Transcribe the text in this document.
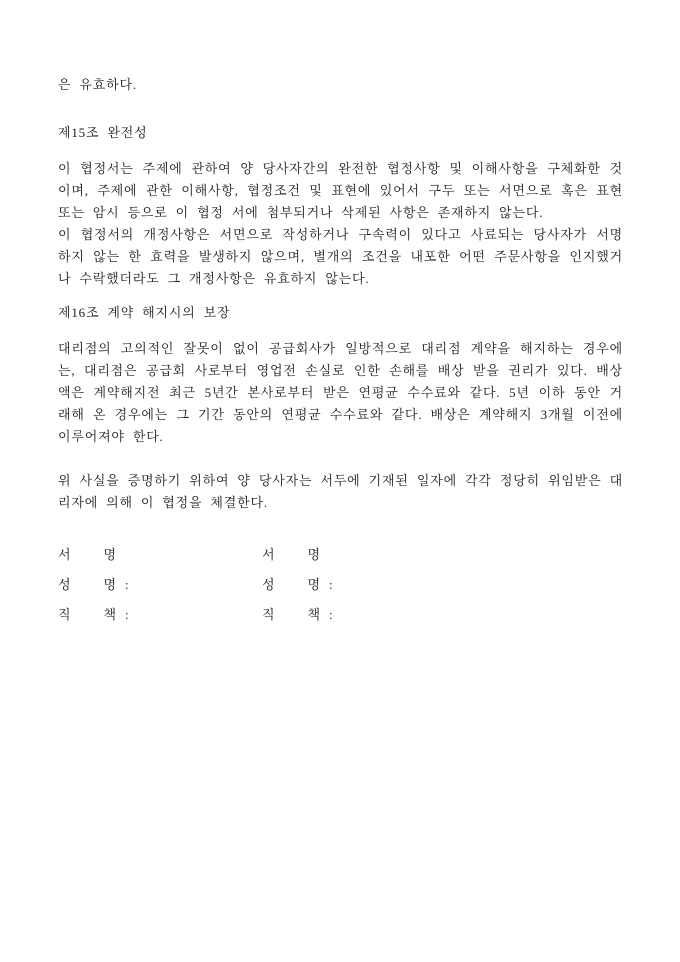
은 유효하다.

제15조 완전성

이 협정서는 주제에 관하여 양 당사자간의 완전한 협정사항 및 이해사항을 구체화한 것이며, 주제에 관한 이해사항, 협정조건 및 표현에 있어서 구두 또는 서면으로 혹은 표현 또는 암시 등으로 이 협정 서에 첨부되거나 삭제된 사항은 존재하지 않는다.

이 협정서의 개정사항은 서면으로 작성하거나 구속력이 있다고 사료되는 당사자가 서명하지 않는 한 효력을 발생하지 않으며, 별개의 조건을 내포한 어떤 주문사항을 인지했거나 수락했더라도 그 개정사항은 유효하지 않는다.

제16조 계약 해지시의 보장

대리점의 고의적인 잘못이 없이 공급회사가 일방적으로 대리점 계약을 해지하는 경우에는, 대리점은 공급회 사로부터 영업전 손실로 인한 손해를 배상 받을 권리가 있다. 배상액은 계약해지전 최근 5년간 본사로부터 받은 연평균 수수료와 같다. 5년 이하 동안 거래해 온 경우에는 그 기간 동안의 연평균 수수료와 같다. 배상은 계약해지 3개월 이전에 이루어져야 한다.

위 사실을 증명하기 위하여 양 당사자는 서두에 기재된 일자에 각각 정당히 위임받은 대리자에 의해 이 협정을 체결한다.

서    명	서    명
성    명 :	성    명 :
직    책 :	직    책 :
